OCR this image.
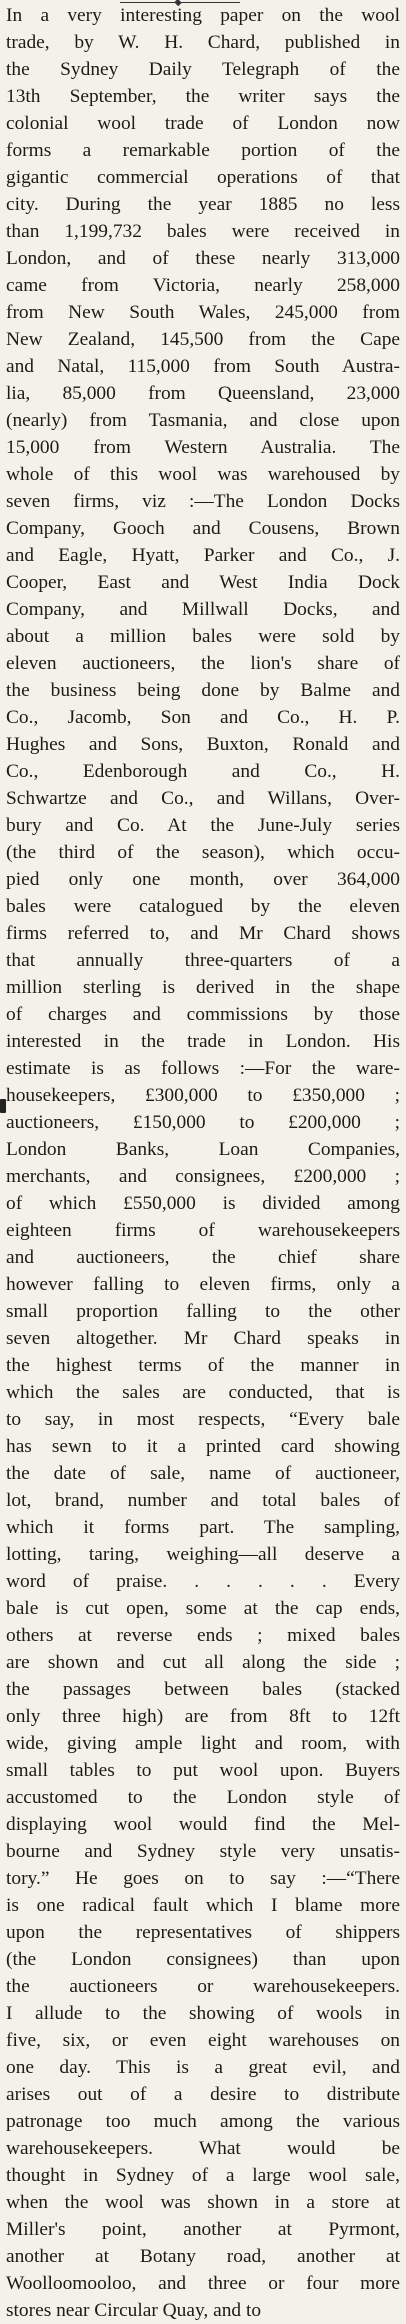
In a very interesting paper on the wool
trade, by W. H. Chard, published in
the Sydney Daily Telegraph of the
13th September, the writer says the
colonial wool trade of London now
forms a remarkable portion of the
gigantic commercial operations of that
city. During the year 1885 no less
than 1,199,732 bales were received in
London, and of these nearly 313,000
came from Victoria, nearly 258,000
from New South Wales, 245,000 from
New Zealand, 145,500 from the Cape
and Natal, 115,000 from South Austra-
lia, 85,000 from Queensland, 23,000
(nearly) from Tasmania, and close upon
15,000 from Western Australia. The
whole of this wool was warehoused by
seven firms, viz :—The London Docks
Company, Gooch and Cousens, Brown
and Eagle, Hyatt, Parker and Co., J.
Cooper, East and West India Dock
Company, and Millwall Docks, and
about a million bales were sold by
eleven auctioneers, the lion's share of
the business being done by Balme and
Co., Jacomb, Son and Co., H. P.
Hughes and Sons, Buxton, Ronald and
Co., Edenborough and Co., H.
Schwartze and Co., and Willans, Over-
bury and Co. At the June-July series
(the third of the season), which occu-
pied only one month, over 364,000
bales were catalogued by the eleven
firms referred to, and Mr Chard shows
that annually three-quarters of a
million sterling is derived in the shape
of charges and commissions by those
interested in the trade in London. His
estimate is as follows :—For the ware-
housekeepers, £300,000 to £350,000 ;
auctioneers, £150,000 to £200,000 ;
London Banks, Loan Companies,
merchants, and consignees, £200,000 ;
of which £550,000 is divided among
eighteen firms of warehousekeepers
and auctioneers, the chief share
however falling to eleven firms, only a
small proportion falling to the other
seven altogether. Mr Chard speaks in
the highest terms of the manner in
which the sales are conducted, that is
to say, in most respects, “Every bale
has sewn to it a printed card showing
the date of sale, name of auctioneer,
lot, brand, number and total bales of
which it forms part. The sampling,
lotting, taring, weighing—all deserve a
word of praise. . . . . . Every
bale is cut open, some at the cap ends,
others at reverse ends ; mixed bales
are shown and cut all along the side ;
the passages between bales (stacked
only three high) are from 8ft to 12ft
wide, giving ample light and room, with
small tables to put wool upon. Buyers
accustomed to the London style of
displaying wool would find the Mel-
bourne and Sydney style very unsatis-
tory.” He goes on to say :—“There
is one radical fault which I blame more
upon the representatives of shippers
(the London consignees) than upon
the auctioneers or warehousekeepers.
I allude to the showing of wools in
five, six, or even eight warehouses on
one day. This is a great evil, and
arises out of a desire to distribute
patronage too much among the various
warehousekeepers. What would be
thought in Sydney of a large wool sale,
when the wool was shown in a store at
Miller's point, another at Pyrmont,
another at Botany road, another at
Woolloomooloo, and three or four more
stores near Circular Quay, and to
